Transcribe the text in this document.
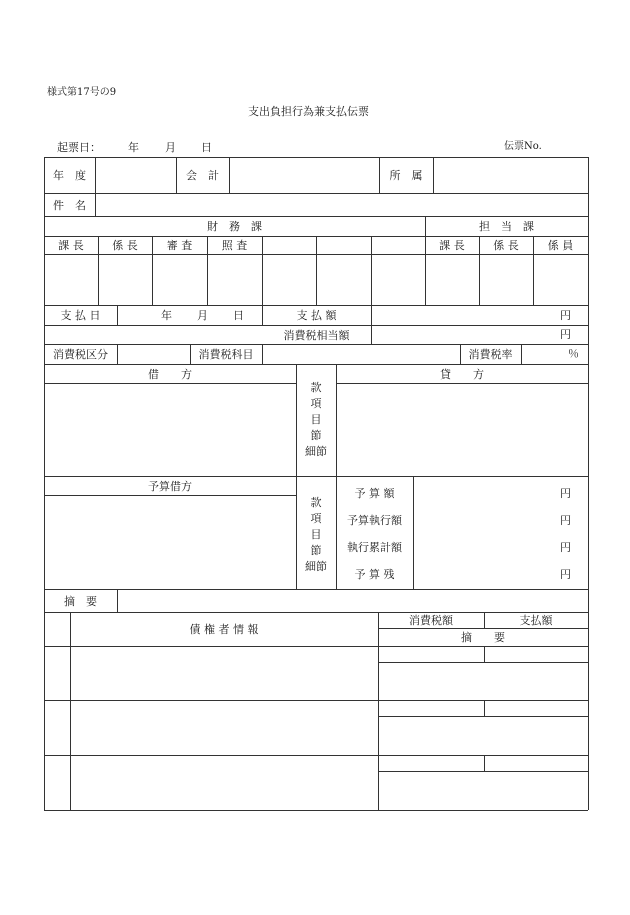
様式第17号の9
支出負担行為兼支払伝票
起票日： 年 月 日	伝票No.
年　度	会　計	所　属
件　名
財　務　課	担　当　課
課 長	係 長	審 査	照 査	課 長	係 長	係 員
支 払 日	年 月 日	支 払 額	円
消費税相当額	円
消費税区分	消費税科目	消費税率	％
借　　方	貸　　方
款
項
目
節
細節
予算借方
款
項
目
節
細節
予 算 額	円
予算執行額	円
執行累計額	円
予 算 残	円
摘　要
債 権 者 情 報
消費税額	支払額
摘　　要
